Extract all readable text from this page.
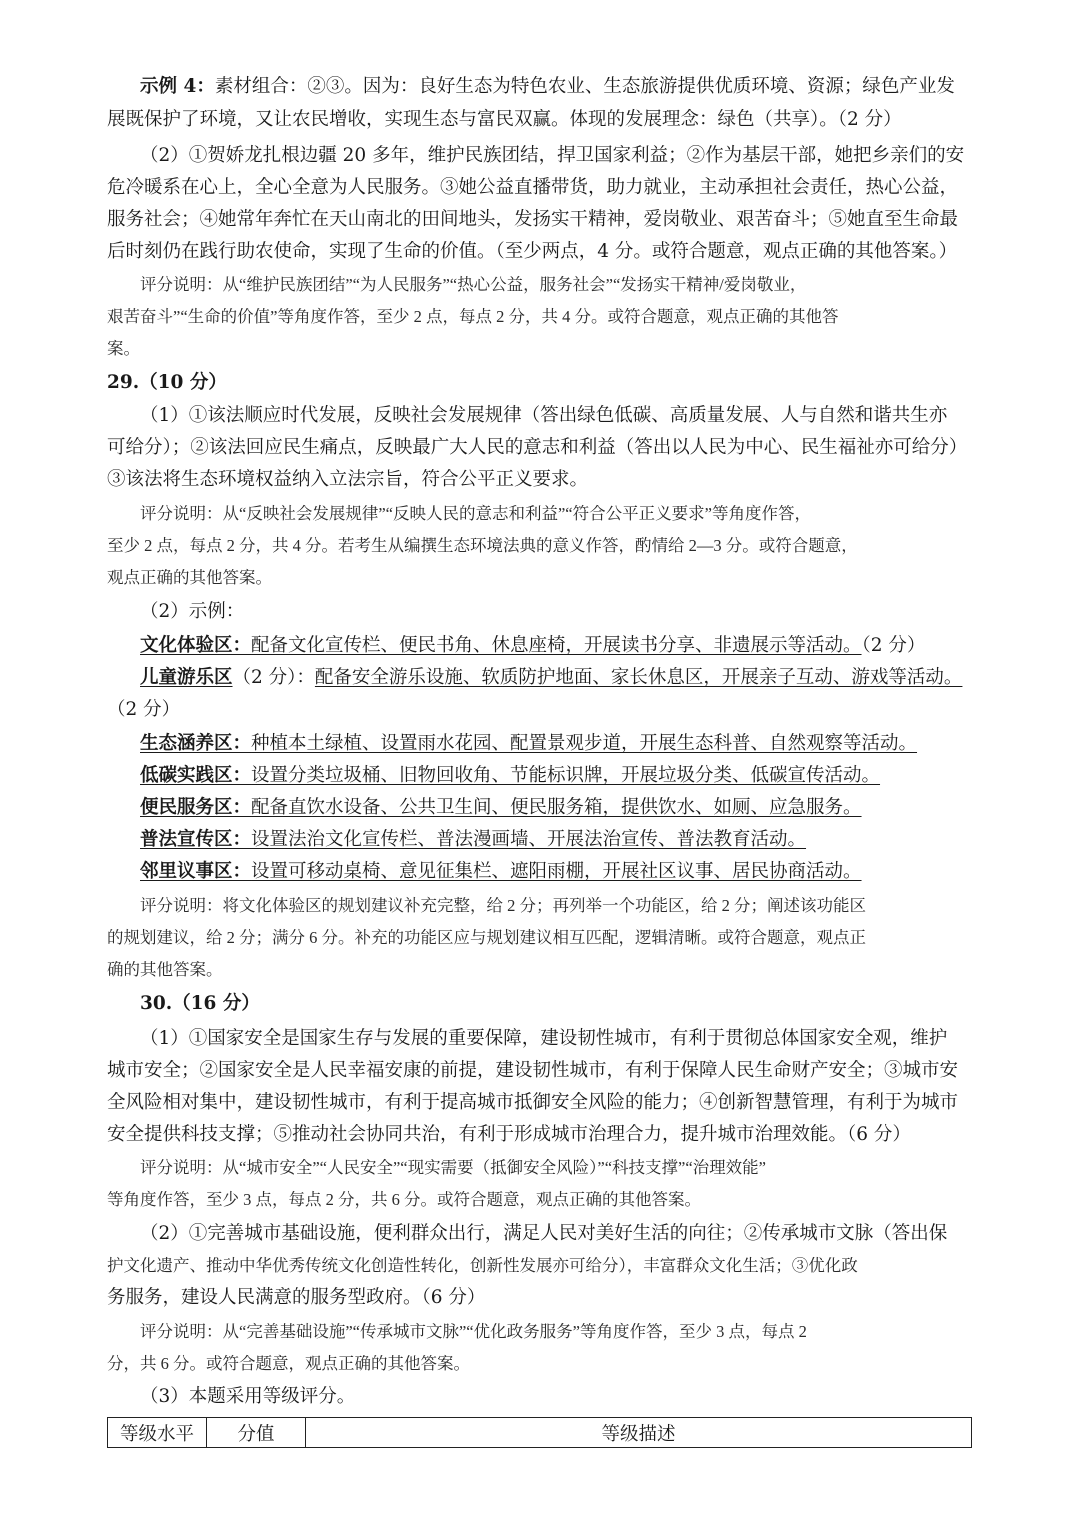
示例 4：素材组合：②③。因为：良好生态为特色农业、生态旅游提供优质环境、资源；绿色产业发
展既保护了环境，又让农民增收，实现生态与富民双赢。体现的发展理念：绿色（共享）。（2 分）
（2）①贺娇龙扎根边疆 20 多年，维护民族团结，捍卫国家利益；②作为基层干部，她把乡亲们的安
危冷暖系在心上，全心全意为人民服务。③她公益直播带货，助力就业，主动承担社会责任，热心公益，
服务社会；④她常年奔忙在天山南北的田间地头，发扬实干精神，爱岗敬业、艰苦奋斗；⑤她直至生命最
后时刻仍在践行助农使命，实现了生命的价值。（至少两点，4 分。或符合题意，观点正确的其他答案。）
评分说明：从“维护民族团结”“为人民服务”“热心公益，服务社会”“发扬实干精神/爱岗敬业，
艰苦奋斗”“生命的价值”等角度作答，至少 2 点，每点 2 分，共 4 分。或符合题意，观点正确的其他答
案。
29.（10 分）
（1）①该法顺应时代发展，反映社会发展规律（答出绿色低碳、高质量发展、人与自然和谐共生亦
可给分）；②该法回应民生痛点，反映最广大人民的意志和利益（答出以人民为中心、民生福祉亦可给分）
③该法将生态环境权益纳入立法宗旨，符合公平正义要求。
评分说明：从“反映社会发展规律”“反映人民的意志和利益”“符合公平正义要求”等角度作答，
至少 2 点，每点 2 分，共 4 分。若考生从编撰生态环境法典的意义作答，酌情给 2—3 分。或符合题意，
观点正确的其他答案。
（2）示例：
文化体验区：配备文化宣传栏、便民书角、休息座椅，开展读书分享、非遗展示等活动。（2 分）
儿童游乐区（2 分）：配备安全游乐设施、软质防护地面、家长休息区，开展亲子互动、游戏等活动。
（2 分）
生态涵养区：种植本土绿植、设置雨水花园、配置景观步道，开展生态科普、自然观察等活动。
低碳实践区：设置分类垃圾桶、旧物回收角、节能标识牌，开展垃圾分类、低碳宣传活动。
便民服务区：配备直饮水设备、公共卫生间、便民服务箱，提供饮水、如厕、应急服务。
普法宣传区：设置法治文化宣传栏、普法漫画墙、开展法治宣传、普法教育活动。
邻里议事区：设置可移动桌椅、意见征集栏、遮阳雨棚，开展社区议事、居民协商活动。
评分说明：将文化体验区的规划建议补充完整，给 2 分；再列举一个功能区，给 2 分；阐述该功能区
的规划建议，给 2 分；满分 6 分。补充的功能区应与规划建议相互匹配，逻辑清晰。或符合题意，观点正
确的其他答案。
30.（16 分）
（1）①国家安全是国家生存与发展的重要保障，建设韧性城市，有利于贯彻总体国家安全观，维护
城市安全；②国家安全是人民幸福安康的前提，建设韧性城市，有利于保障人民生命财产安全；③城市安
全风险相对集中，建设韧性城市，有利于提高城市抵御安全风险的能力；④创新智慧管理，有利于为城市
安全提供科技支撑；⑤推动社会协同共治，有利于形成城市治理合力，提升城市治理效能。（6 分）
评分说明：从“城市安全”“人民安全”“现实需要（抵御安全风险）”“科技支撑”“治理效能”
等角度作答，至少 3 点，每点 2 分，共 6 分。或符合题意，观点正确的其他答案。
（2）①完善城市基础设施，便利群众出行，满足人民对美好生活的向往；②传承城市文脉（答出保
护文化遗产、推动中华优秀传统文化创造性转化，创新性发展亦可给分），丰富群众文化生活；③优化政
务服务，建设人民满意的服务型政府。（6 分）
评分说明：从“完善基础设施”“传承城市文脉”“优化政务服务”等角度作答，至少 3 点，每点 2
分，共 6 分。或符合题意，观点正确的其他答案。
（3）本题采用等级评分。
等级水平	分值	等级描述
